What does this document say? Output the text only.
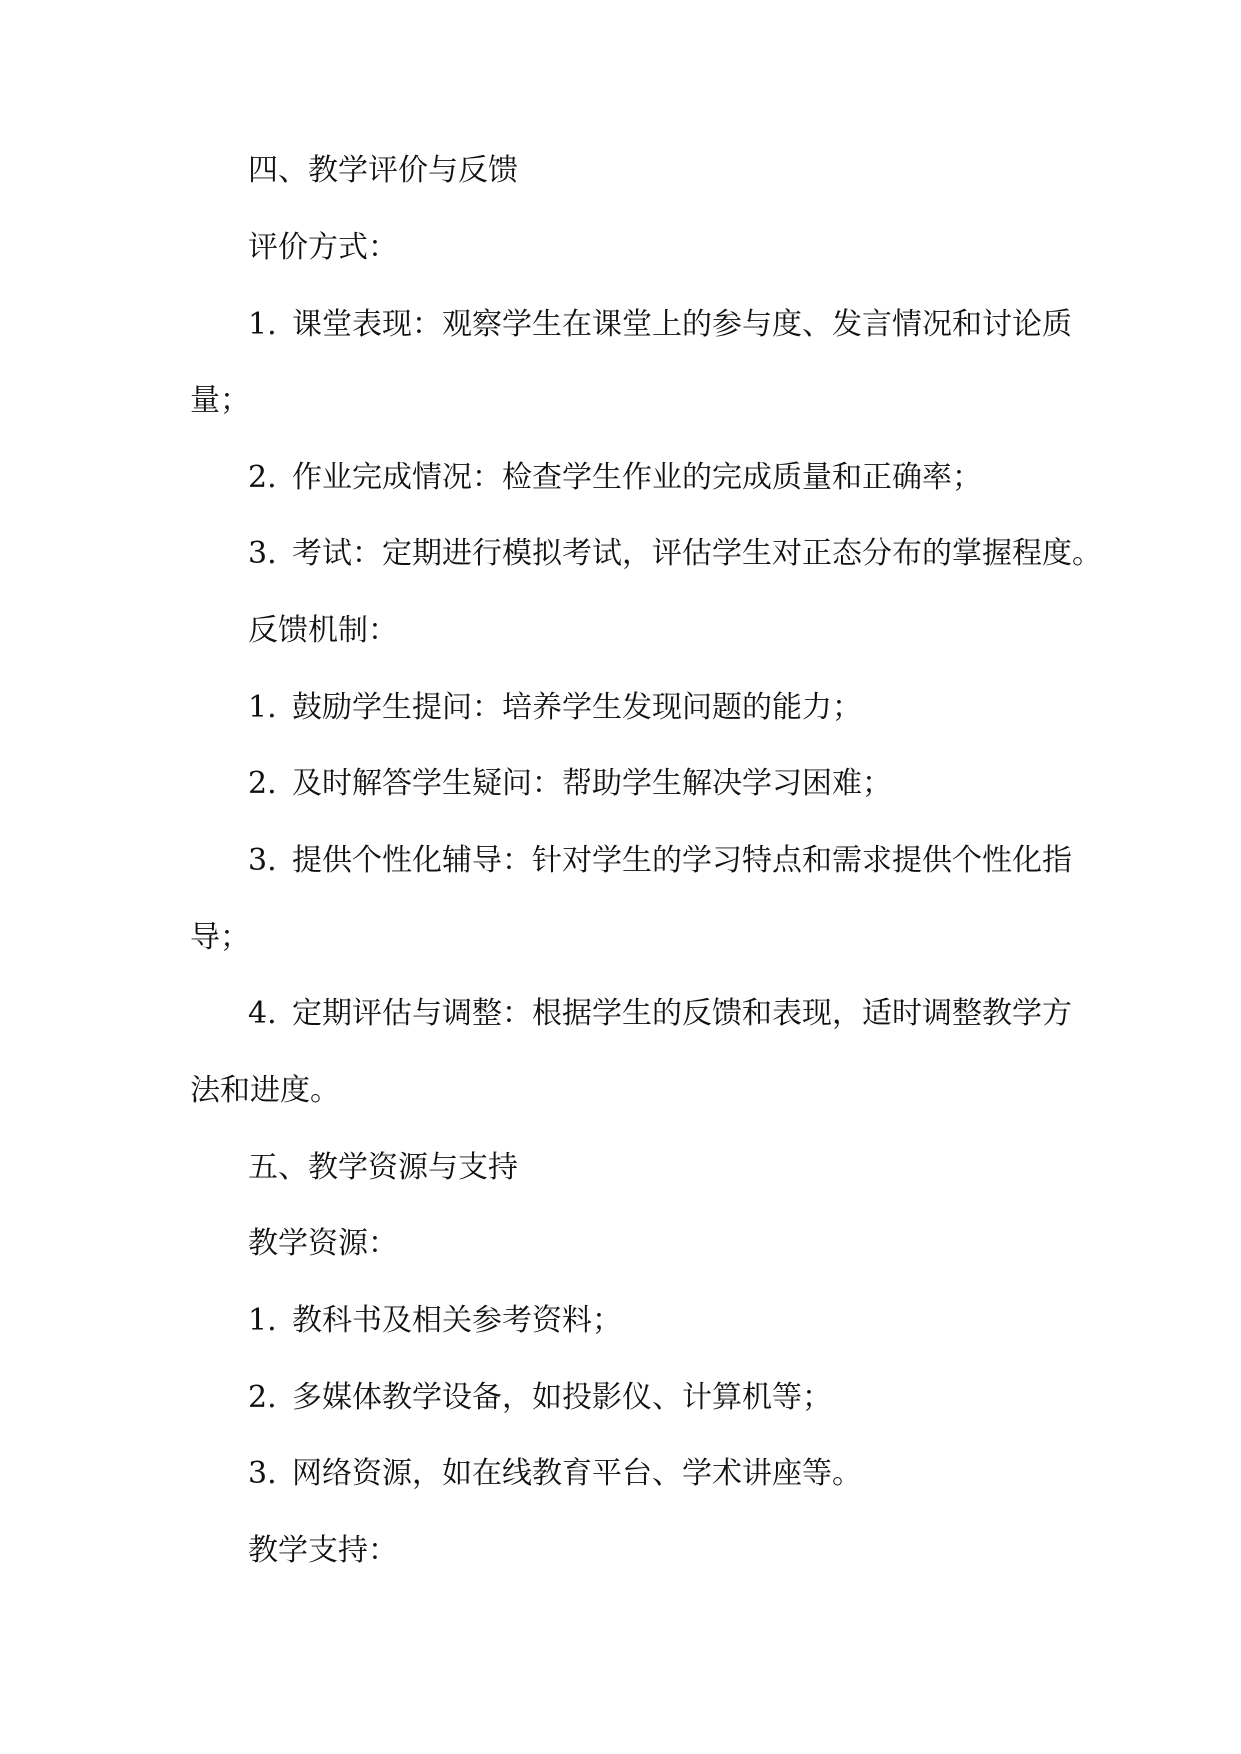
四、教学评价与反馈

评价方式：

1. 课堂表现：观察学生在课堂上的参与度、发言情况和讨论质

量；

2. 作业完成情况：检查学生作业的完成质量和正确率；

3. 考试：定期进行模拟考试，评估学生对正态分布的掌握程度。

反馈机制：

1. 鼓励学生提问：培养学生发现问题的能力；

2. 及时解答学生疑问：帮助学生解决学习困难；

3. 提供个性化辅导：针对学生的学习特点和需求提供个性化指

导；

4. 定期评估与调整：根据学生的反馈和表现，适时调整教学方

法和进度。

五、教学资源与支持

教学资源：

1. 教科书及相关参考资料；

2. 多媒体教学设备，如投影仪、计算机等；

3. 网络资源，如在线教育平台、学术讲座等。

教学支持：
